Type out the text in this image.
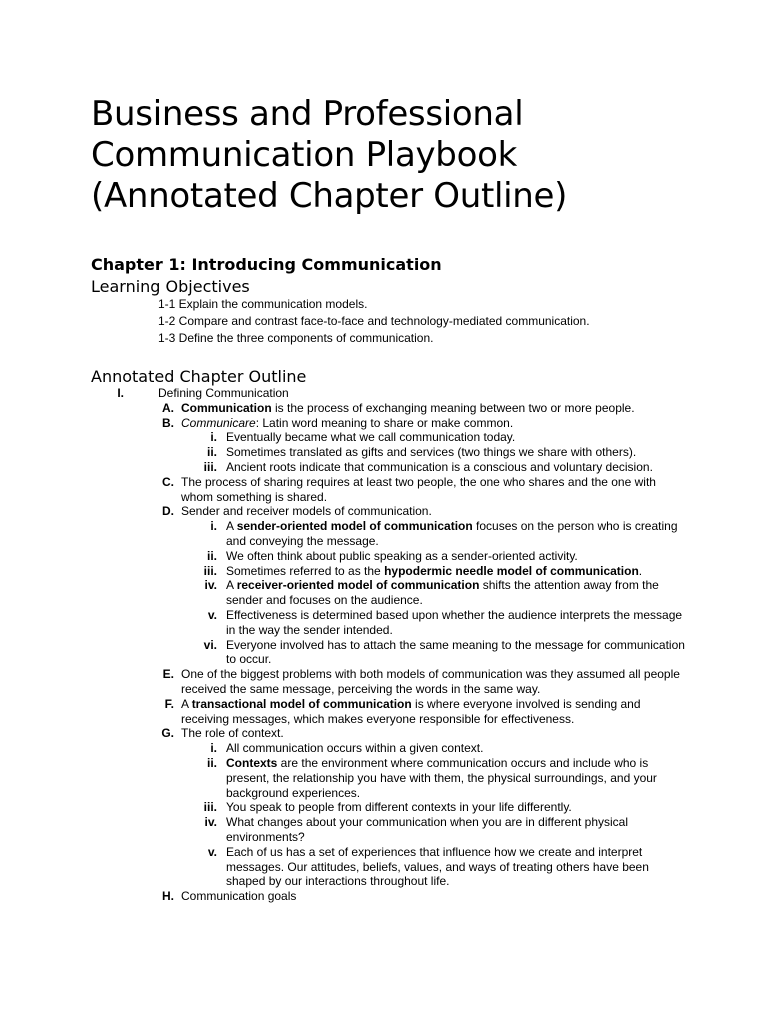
Business and Professional
Communication Playbook
(Annotated Chapter Outline)
Chapter 1: Introducing Communication
Learning Objectives
1-1 Explain the communication models.
1-2 Compare and contrast face-to-face and technology-mediated communication.
1-3 Define the three components of communication.
Annotated Chapter Outline
I.	Defining Communication
A. Communication is the process of exchanging meaning between two or more people.
B. Communicare: Latin word meaning to share or make common.
i. Eventually became what we call communication today.
ii. Sometimes translated as gifts and services (two things we share with others).
iii. Ancient roots indicate that communication is a conscious and voluntary decision.
C. The process of sharing requires at least two people, the one who shares and the one with whom something is shared.
D. Sender and receiver models of communication.
i. A sender-oriented model of communication focuses on the person who is creating and conveying the message.
ii. We often think about public speaking as a sender-oriented activity.
iii. Sometimes referred to as the hypodermic needle model of communication.
iv. A receiver-oriented model of communication shifts the attention away from the sender and focuses on the audience.
v. Effectiveness is determined based upon whether the audience interprets the message in the way the sender intended.
vi. Everyone involved has to attach the same meaning to the message for communication to occur.
E. One of the biggest problems with both models of communication was they assumed all people received the same message, perceiving the words in the same way.
F. A transactional model of communication is where everyone involved is sending and receiving messages, which makes everyone responsible for effectiveness.
G. The role of context.
i. All communication occurs within a given context.
ii. Contexts are the environment where communication occurs and include who is present, the relationship you have with them, the physical surroundings, and your background experiences.
iii. You speak to people from different contexts in your life differently.
iv. What changes about your communication when you are in different physical environments?
v. Each of us has a set of experiences that influence how we create and interpret messages. Our attitudes, beliefs, values, and ways of treating others have been shaped by our interactions throughout life.
H. Communication goals
